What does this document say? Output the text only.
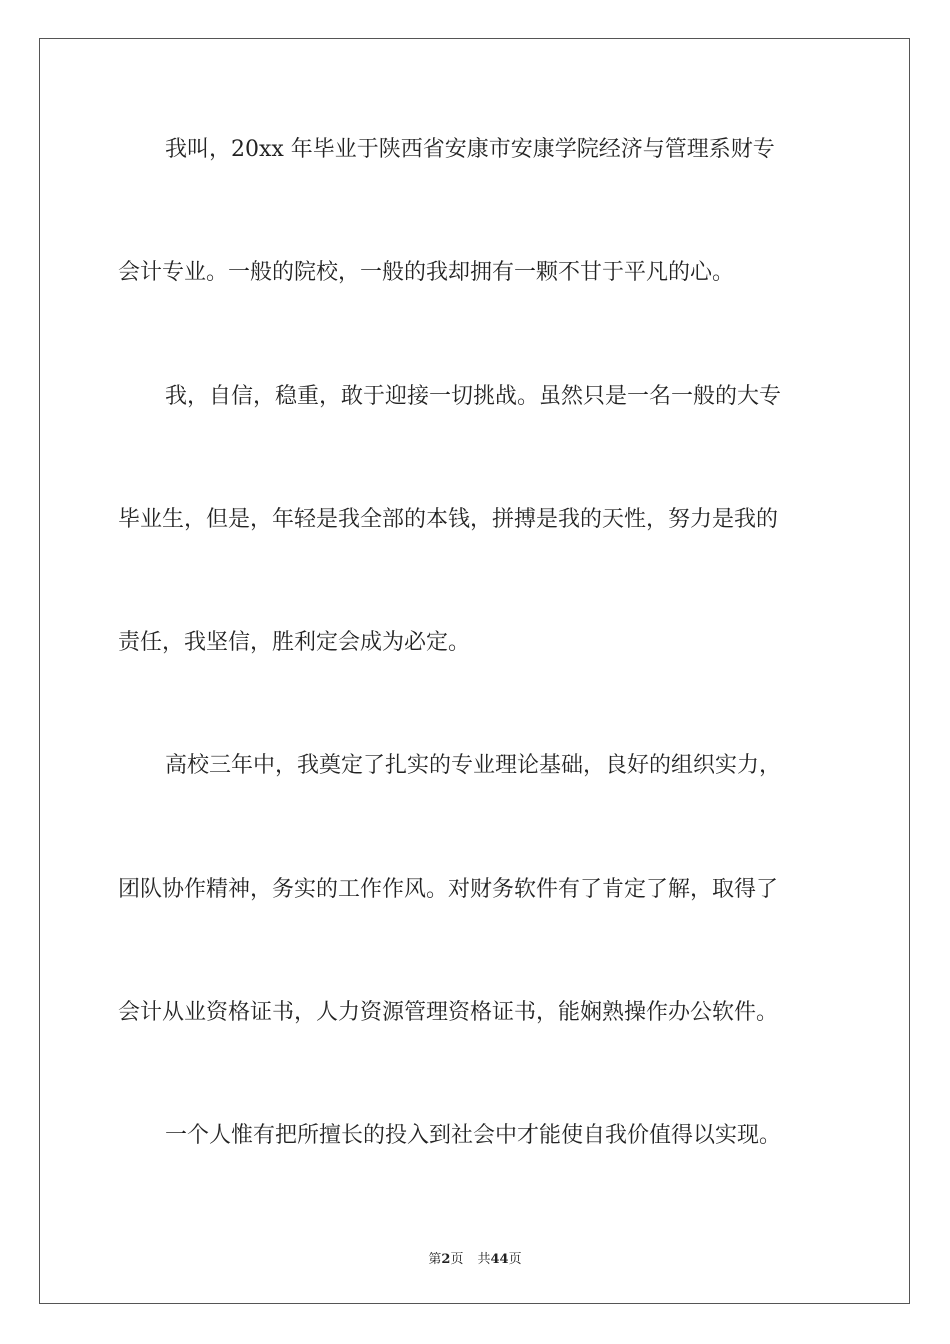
我叫，20xx 年毕业于陕西省安康市安康学院经济与管理系财专
会计专业。一般的院校，一般的我却拥有一颗不甘于平凡的心。
我，自信，稳重，敢于迎接一切挑战。虽然只是一名一般的大专
毕业生，但是，年轻是我全部的本钱，拼搏是我的天性，努力是我的
责任，我坚信，胜利定会成为必定。
高校三年中，我奠定了扎实的专业理论基础，良好的组织实力，
团队协作精神，务实的工作作风。对财务软件有了肯定了解，取得了
会计从业资格证书，人力资源管理资格证书，能娴熟操作办公软件。
一个人惟有把所擅长的投入到社会中才能使自我价值得以实现。
第2页 共44页
